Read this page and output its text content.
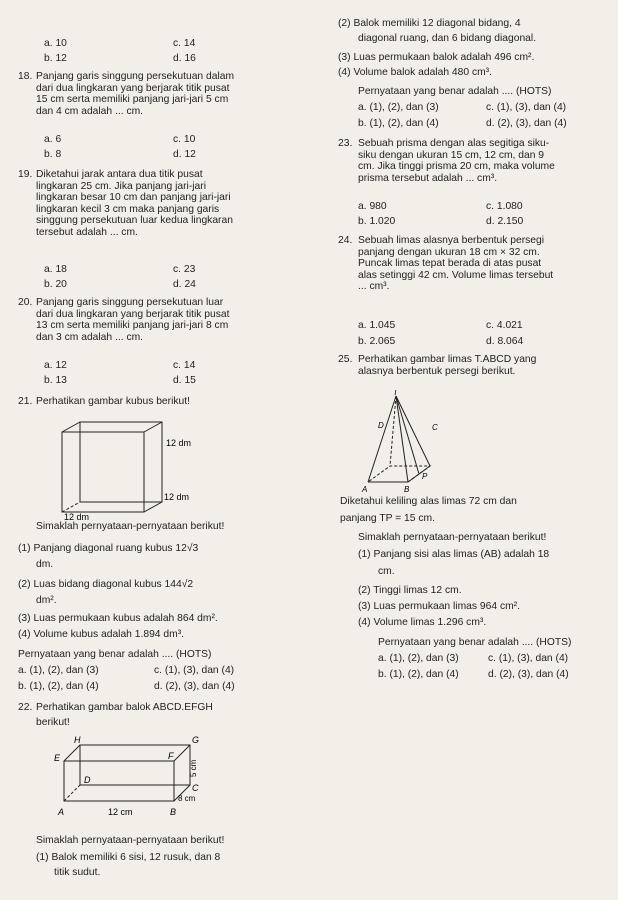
a. 10	c. 14
b. 12	d. 16
18. Panjang garis singgung persekutuan dalam
dari dua lingkaran yang berjarak titik pusat
15 cm serta memiliki panjang jari-jari 5 cm
dan 4 cm adalah ... cm.
a. 6	c. 10
b. 8	d. 12
19. Diketahui jarak antara dua titik pusat
lingkaran 25 cm. Jika panjang jari-jari
lingkaran besar 10 cm dan panjang jari-jari
lingkaran kecil 3 cm maka panjang garis
singgung persekutuan luar kedua lingkaran
tersebut adalah ... cm.
a. 18	c. 23
b. 20	d. 24
20. Panjang garis singgung persekutuan luar
dari dua lingkaran yang berjarak titik pusat
13 cm serta memiliki panjang jari-jari 8 cm
dan 3 cm adalah ... cm.
a. 12	c. 14
b. 13	d. 15
21. Perhatikan gambar kubus berikut!
12 dm
12 dm
12 dm
Simaklah pernyataan-pernyataan berikut!
(1) Panjang diagonal ruang kubus 12√3
dm.
(2) Luas bidang diagonal kubus 144√2
dm².
(3) Luas permukaan kubus adalah 864 dm².
(4) Volume kubus adalah 1.894 dm³.
Pernyataan yang benar adalah .... (HOTS)
a. (1), (2), dan (3)	c. (1), (3), dan (4)
b. (1), (2), dan (4)	d. (2), (3), dan (4)
22. Perhatikan gambar balok ABCD.EFGH
berikut!
H	G
E	F
D
C
A	B
12 cm
8 cm
5 cm
Simaklah pernyataan-pernyataan berikut!
(1) Balok memiliki 6 sisi, 12 rusuk, dan 8
titik sudut.
(2) Balok memiliki 12 diagonal bidang, 4
diagonal ruang, dan 6 bidang diagonal.
(3) Luas permukaan balok adalah 496 cm².
(4) Volume balok adalah 480 cm³.
Pernyataan yang benar adalah .... (HOTS)
a. (1), (2), dan (3)	c. (1), (3), dan (4)
b. (1), (2), dan (4)	d. (2), (3), dan (4)
23. Sebuah prisma dengan alas segitiga siku-
siku dengan ukuran 15 cm, 12 cm, dan 9
cm. Jika tinggi prisma 20 cm, maka volume
prisma tersebut adalah ... cm³.
a. 980	c. 1.080
b. 1.020	d. 2.150
24. Sebuah limas alasnya berbentuk persegi
panjang dengan ukuran 18 cm × 32 cm.
Puncak limas tepat berada di atas pusat
alas setinggi 42 cm. Volume limas tersebut
... cm³.
a. 1.045	c. 4.021
b. 2.065	d. 8.064
25. Perhatikan gambar limas T.ABCD yang
alasnya berbentuk persegi berikut.
T
D	C
P
A	B
Diketahui keliling alas limas 72 cm dan
panjang TP = 15 cm.
Simaklah pernyataan-pernyataan berikut!
(1) Panjang sisi alas limas (AB) adalah 18
cm.
(2) Tinggi limas 12 cm.
(3) Luas permukaan limas 964 cm².
(4) Volume limas 1.296 cm³.
Pernyataan yang benar adalah .... (HOTS)
a. (1), (2), dan (3)	c. (1), (3), dan (4)
b. (1), (2), dan (4)	d. (2), (3), dan (4)
